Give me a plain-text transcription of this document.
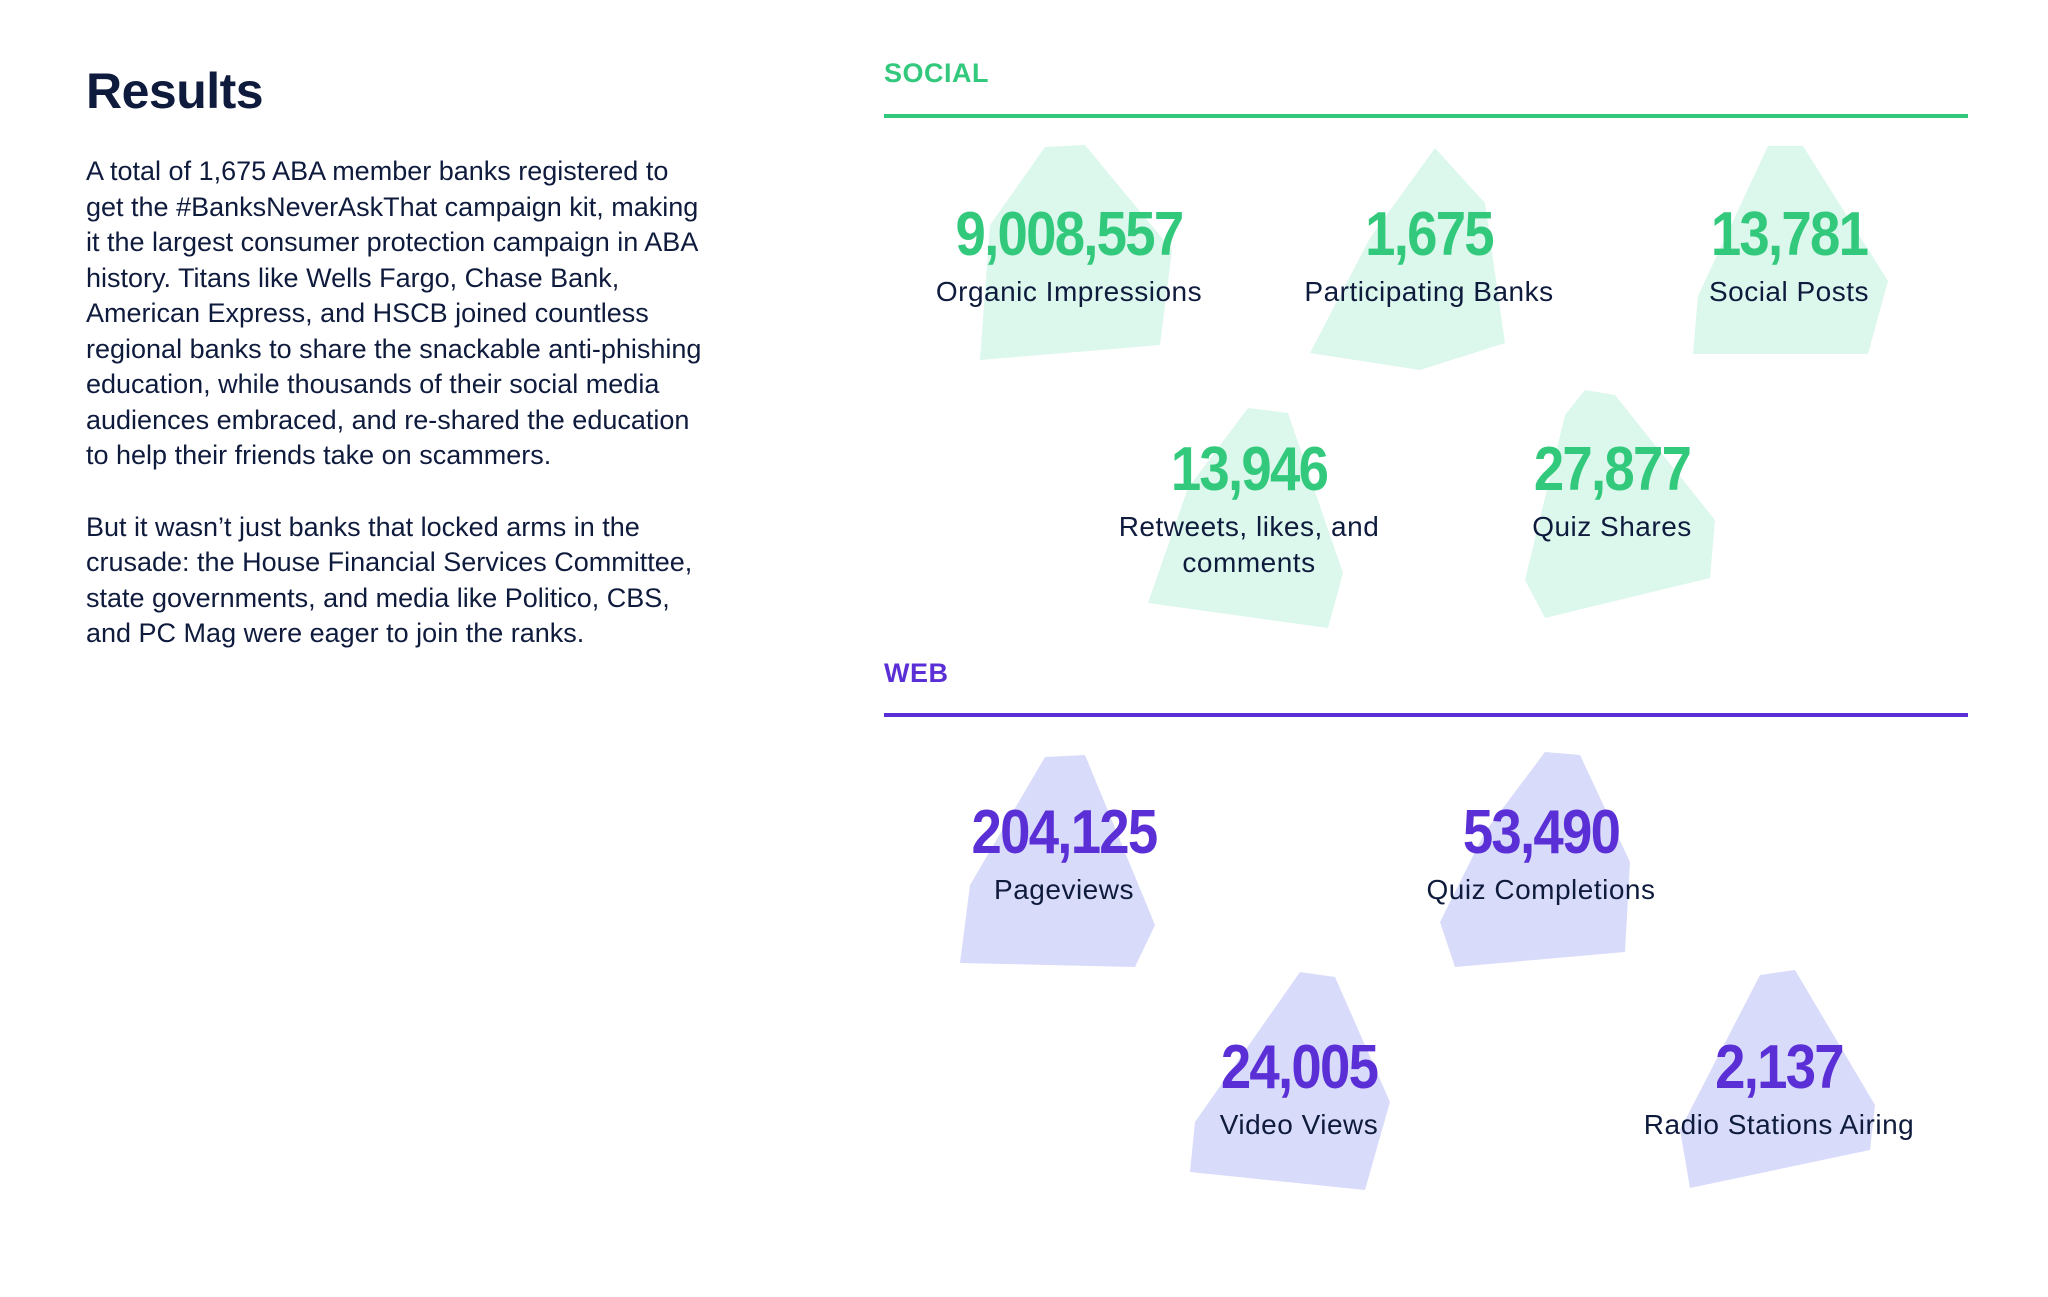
Results

A total of 1,675 ABA member banks registered to get the #BanksNeverAskThat campaign kit, making it the largest consumer protection campaign in ABA history. Titans like Wells Fargo, Chase Bank, American Express, and HSCB joined countless regional banks to share the snackable anti-phishing education, while thousands of their social media audiences embraced, and re-shared the education to help their friends take on scammers.

But it wasn’t just banks that locked arms in the crusade: the House Financial Services Committee, state governments, and media like Politico, CBS, and PC Mag were eager to join the ranks.

SOCIAL
9,008,557
Organic Impressions
1,675
Participating Banks
13,781
Social Posts
13,946
Retweets, likes, and comments
27,877
Quiz Shares
WEB
204,125
Pageviews
53,490
Quiz Completions
24,005
Video Views
2,137
Radio Stations Airing
